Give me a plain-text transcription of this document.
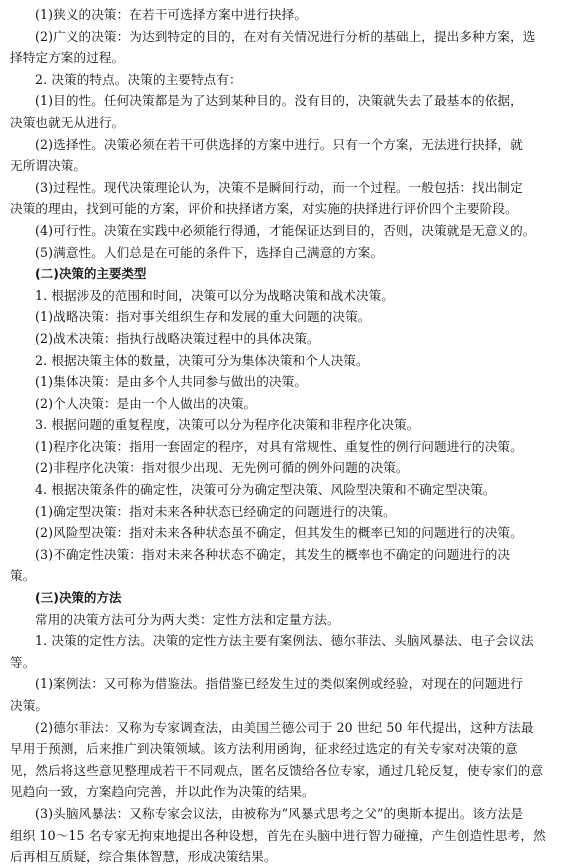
(1)狭义的决策：在若干可选择方案中进行抉择。
(2)广义的决策：为达到特定的目的，在对有关情况进行分析的基础上，提出多种方案，选
择特定方案的过程。
2. 决策的特点。决策的主要特点有：
(1)目的性。任何决策都是为了达到某种目的。没有目的，决策就失去了最基本的依据，
决策也就无从进行。
(2)选择性。决策必须在若干可供选择的方案中进行。只有一个方案，无法进行抉择，就
无所谓决策。
(3)过程性。现代决策理论认为，决策不是瞬间行动，而一个过程。一般包括：找出制定
决策的理由，找到可能的方案，评价和抉择诸方案，对实施的抉择进行评价四个主要阶段。
(4)可行性。决策在实践中必须能行得通，才能保证达到目的，否则，决策就是无意义的。
(5)满意性。人们总是在可能的条件下，选择自己满意的方案。
(二)决策的主要类型
1. 根据涉及的范围和时间，决策可以分为战略决策和战术决策。
(1)战略决策：指对事关组织生存和发展的重大问题的决策。
(2)战术决策：指执行战略决策过程中的具体决策。
2. 根据决策主体的数量，决策可分为集体决策和个人决策。
(1)集体决策：是由多个人共同参与做出的决策。
(2)个人决策：是由一个人做出的决策。
3. 根据问题的重复程度，决策可以分为程序化决策和非程序化决策。
(1)程序化决策：指用一套固定的程序，对具有常规性、重复性的例行问题进行的决策。
(2)非程序化决策：指对很少出现、无先例可循的例外问题的决策。
4. 根据决策条件的确定性，决策可分为确定型决策、风险型决策和不确定型决策。
(1)确定型决策：指对未来各种状态已经确定的问题进行的决策。
(2)风险型决策：指对未来各种状态虽不确定，但其发生的概率已知的问题进行的决策。
(3)不确定性决策：指对未来各种状态不确定，其发生的概率也不确定的问题进行的决
策。
(三)决策的方法
常用的决策方法可分为两大类：定性方法和定量方法。
1. 决策的定性方法。决策的定性方法主要有案例法、德尔菲法、头脑风暴法、电子会议法
等。
(1)案例法：又可称为借鉴法。指借鉴已经发生过的类似案例或经验，对现在的问题进行
决策。
(2)德尔菲法：又称为专家调查法，由美国兰德公司于 20 世纪 50 年代提出，这种方法最
早用于预测，后来推广到决策领域。该方法利用函询，征求经过选定的有关专家对决策的意
见，然后将这些意见整理成若干不同观点，匿名反馈给各位专家，通过几轮反复，使专家们的意
见趋向一致，方案趋向完善，并以此作为决策的结果。
(3)头脑风暴法：又称专家会议法，由被称为“风暴式思考之父”的奥斯本提出。该方法是
组织 10～15 名专家无拘束地提出各种设想，首先在头脑中进行智力碰撞，产生创造性思考，然
后再相互质疑，综合集体智慧，形成决策结果。
